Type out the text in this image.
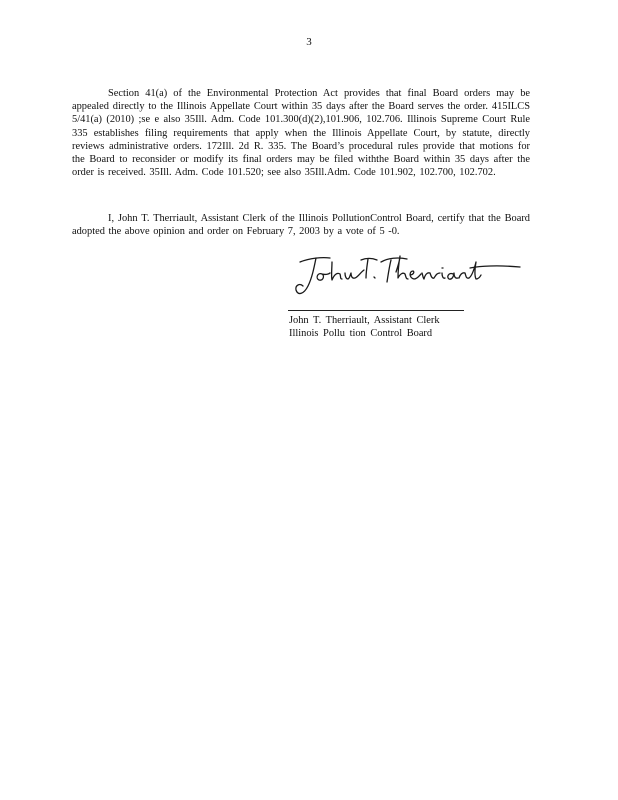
3
Section 41(a) of the Environmental Protection Act provides that final Board orders may be appealed directly to the Illinois Appellate Court within 35 days after the Board serves the order. 415ILCS 5/41(a) (2010) ;se e also 35Ill. Adm. Code 101.300(d)(2),101.906, 102.706. Illinois Supreme Court Rule 335 establishes filing requirements that apply when the Illinois Appellate Court, by statute, directly reviews administrative orders. 172Ill. 2d R. 335. The Board’s procedural rules provide that motions for the Board to reconsider or modify its final orders may be filed withthe Board within 35 days after the order is received. 35Ill. Adm. Code 101.520; see also 35Ill.Adm. Code 101.902, 102.700, 102.702.
I, John T. Therriault, Assistant Clerk of the Illinois PollutionControl Board, certify that the Board adopted the above opinion and order on February 7, 2003 by a vote of 5 -0.
John T. Therriault, Assistant Clerk
Illinois Pollu tion Control Board
